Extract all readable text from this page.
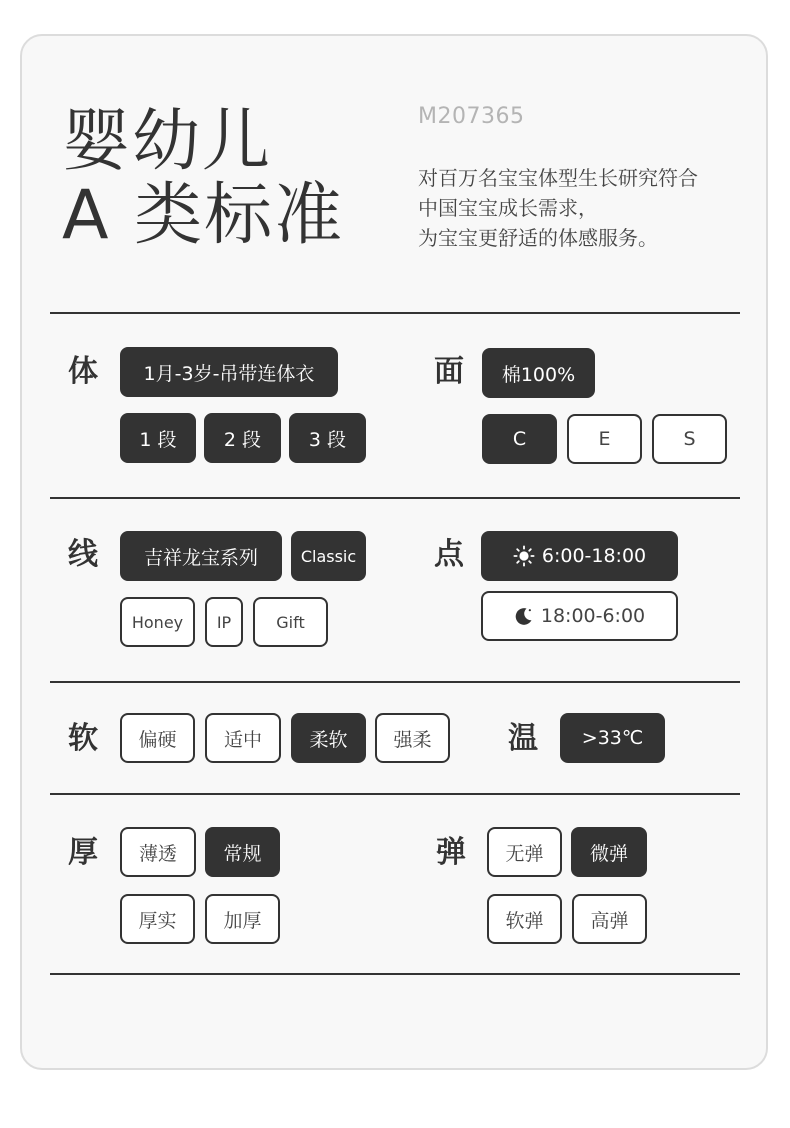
婴幼儿
A 类标准
M207365
对百万名宝宝体型生长研究符合
中国宝宝成长需求，
为宝宝更舒适的体感服务。
体	1月-3岁-吊带连体衣
1 段	2 段	3 段
面	棉100%
C	E	S
线	吉祥龙宝系列	Classic
Honey	IP	Gift
点	6:00-18:00
18:00-6:00
软	偏硬	适中	柔软	强柔	温	>33℃
厚	薄透	常规
厚实	加厚
弹	无弹	微弹
软弹	高弹
